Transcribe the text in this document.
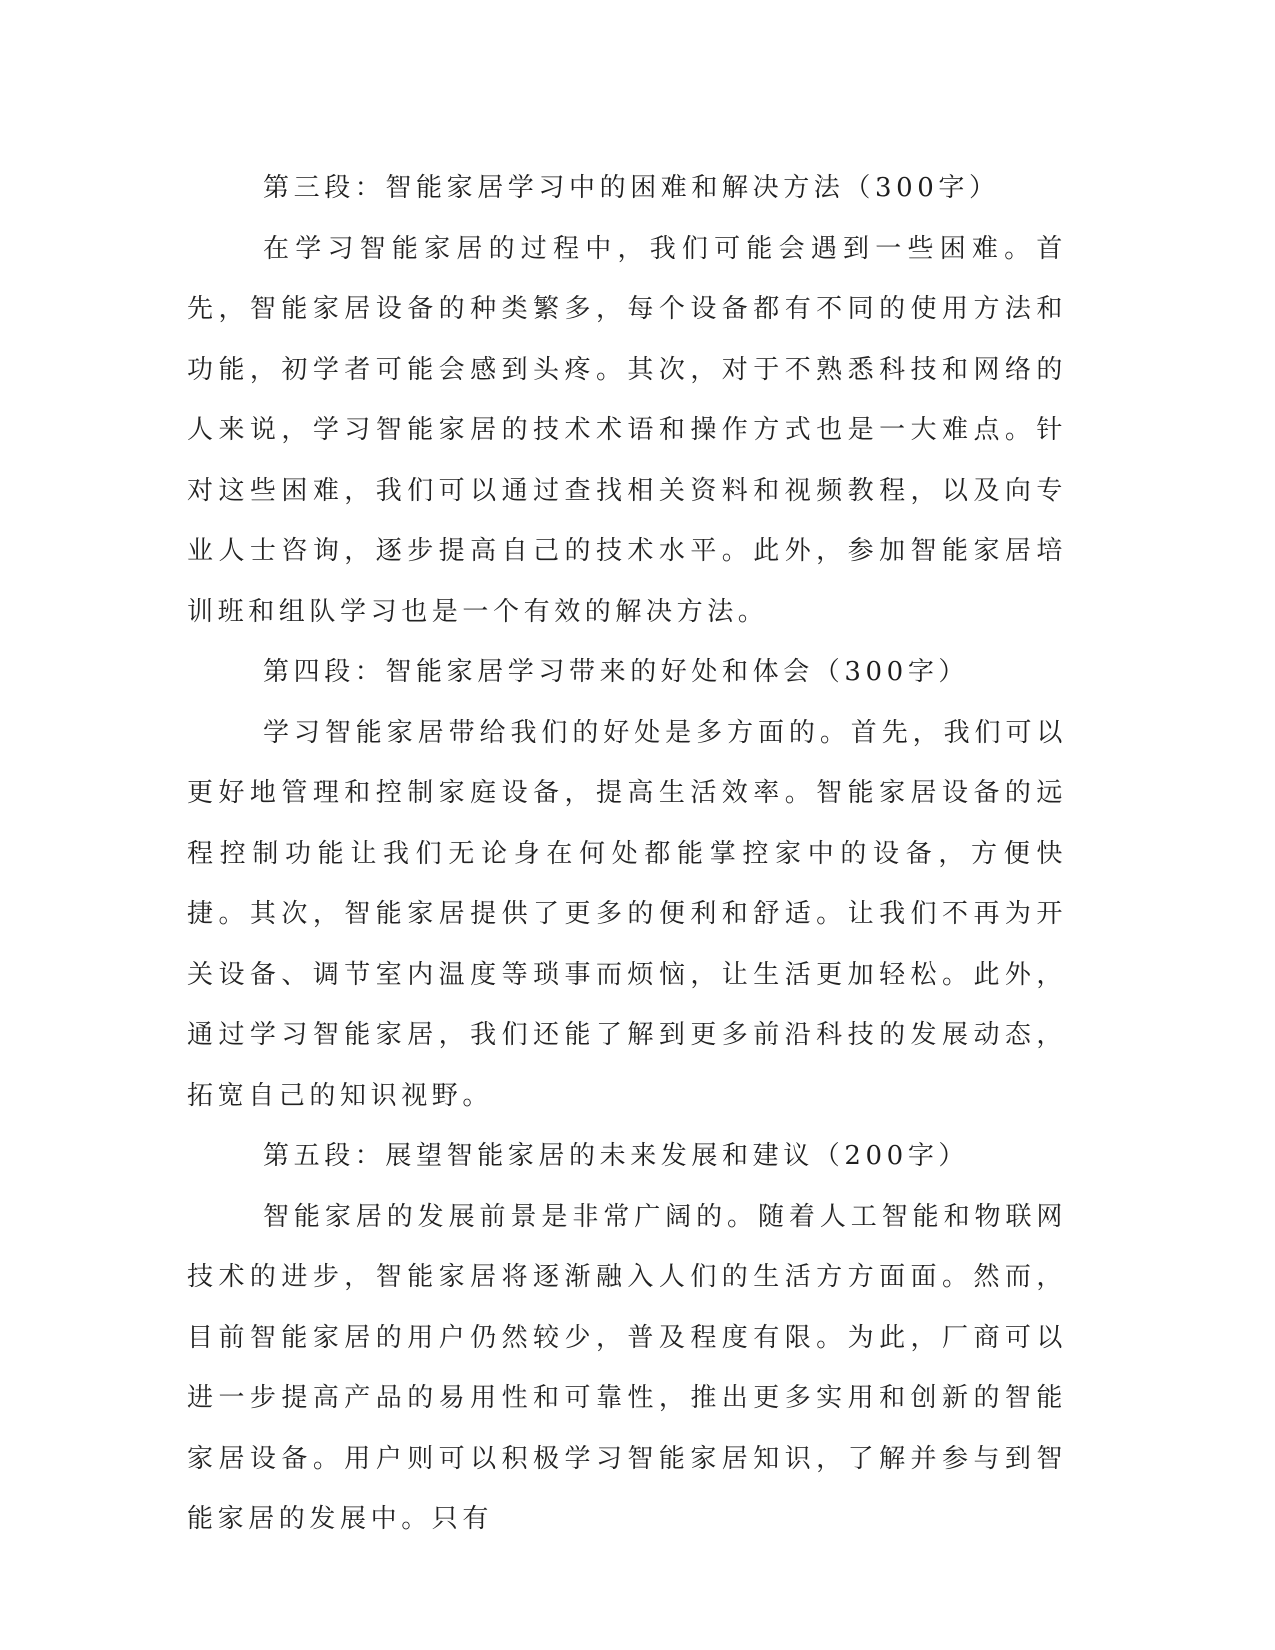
第三段：智能家居学习中的困难和解决方法（300字）

在学习智能家居的过程中，我们可能会遇到一些困难。首先，智能家居设备的种类繁多，每个设备都有不同的使用方法和功能，初学者可能会感到头疼。其次，对于不熟悉科技和网络的人来说，学习智能家居的技术术语和操作方式也是一大难点。针对这些困难，我们可以通过查找相关资料和视频教程，以及向专业人士咨询，逐步提高自己的技术水平。此外，参加智能家居培训班和组队学习也是一个有效的解决方法。

第四段：智能家居学习带来的好处和体会（300字）

学习智能家居带给我们的好处是多方面的。首先，我们可以更好地管理和控制家庭设备，提高生活效率。智能家居设备的远程控制功能让我们无论身在何处都能掌控家中的设备，方便快捷。其次，智能家居提供了更多的便利和舒适。让我们不再为开关设备、调节室内温度等琐事而烦恼，让生活更加轻松。此外，通过学习智能家居，我们还能了解到更多前沿科技的发展动态，拓宽自己的知识视野。

第五段：展望智能家居的未来发展和建议（200字）

智能家居的发展前景是非常广阔的。随着人工智能和物联网技术的进步，智能家居将逐渐融入人们的生活方方面面。然而，目前智能家居的用户仍然较少，普及程度有限。为此，厂商可以进一步提高产品的易用性和可靠性，推出更多实用和创新的智能家居设备。用户则可以积极学习智能家居知识，了解并参与到智能家居的发展中。只有
